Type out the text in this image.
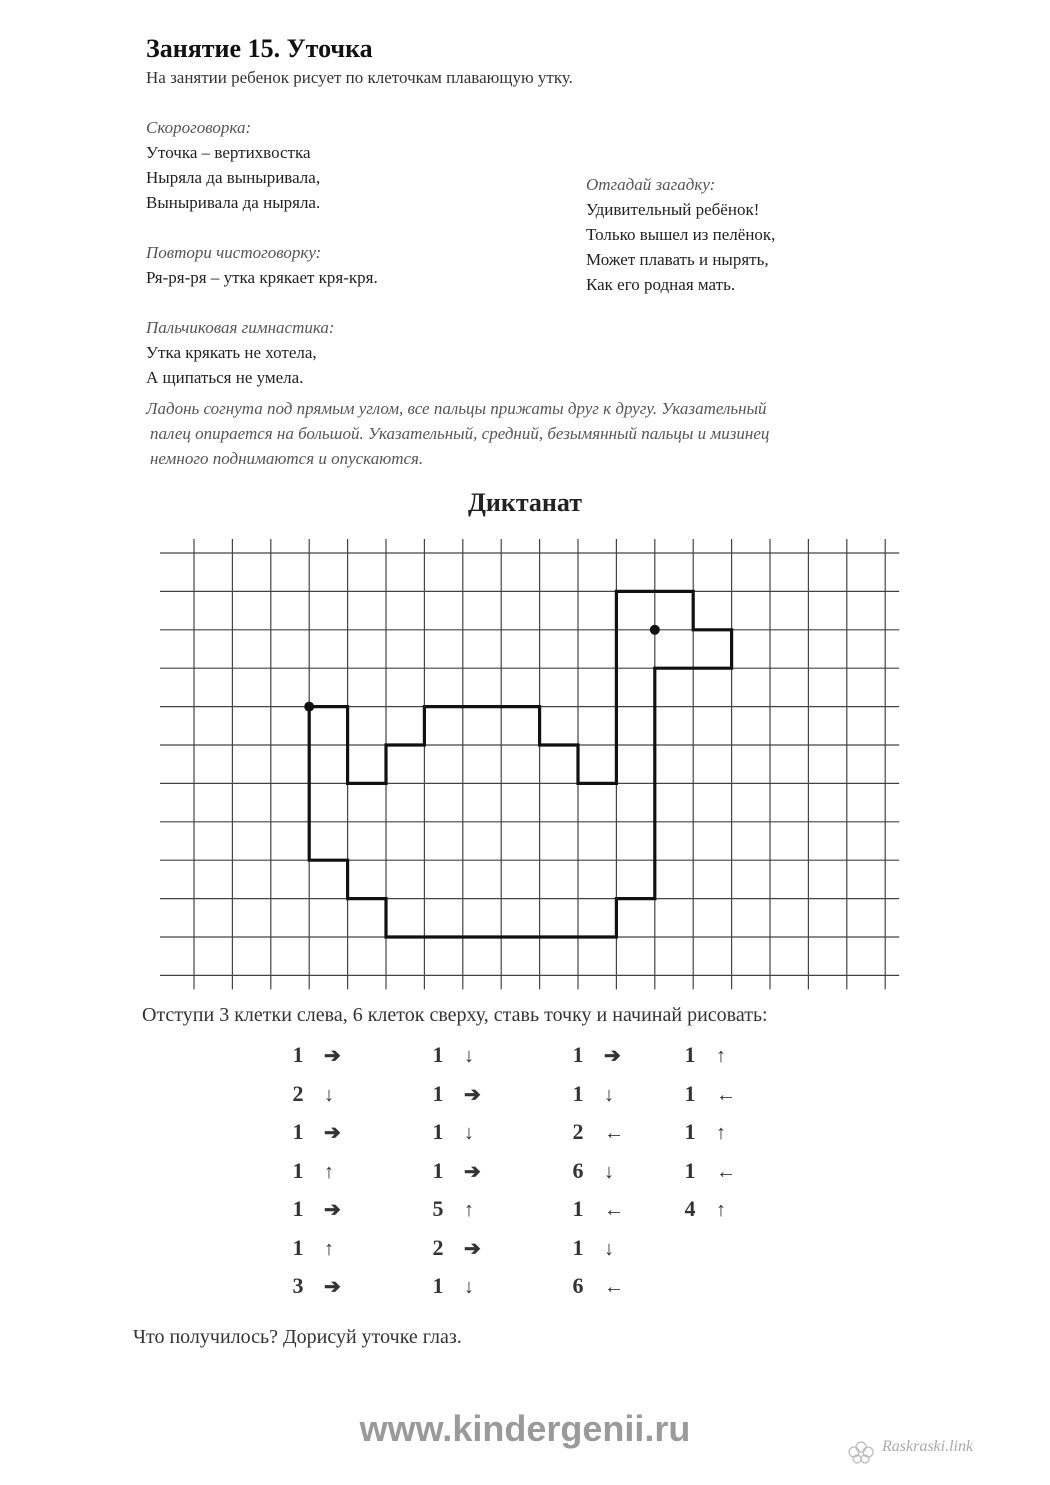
Занятие 15. Уточка
На занятии ребенок рисует по клеточкам плавающую утку.
Скороговорка:
Уточка – вертихвостка
Ныряла да выныривала,
Выныривала да ныряла.
Отгадай загадку:
Удивительный ребёнок!
Только вышел из пелёнок,
Может плавать и нырять,
Как его родная мать.
Повтори чистоговорку:
Ря-ря-ря – утка крякает кря-кря.
Пальчиковая гимнастика:
Утка крякать не хотела,
А щипаться не умела.
Ладонь согнута под прямым углом, все пальцы прижаты друг к другу. Указательный
палец опирается на большой. Указательный, средний, безымянный пальцы и мизинец
немного поднимаются и опускаются.
Диктанат
Отступи 3 клетки слева, 6 клеток сверху, ставь точку и начинай рисовать:
1 ➔
2 ↓
1 ➔
1 ↑
1 ➔
1 ↑
3 ➔
1 ↓
1 ➔
1 ↓
1 ➔
5 ↑
2 ➔
1 ↓
1 ➔
1 ↓
2 ←
6 ↓
1 ←
1 ↓
6 ←
1 ↑
1 ←
1 ↑
1 ←
4 ↑
Что получилось? Дорисуй уточке глаз.
www.kindergenii.ru	Raskraski.link
